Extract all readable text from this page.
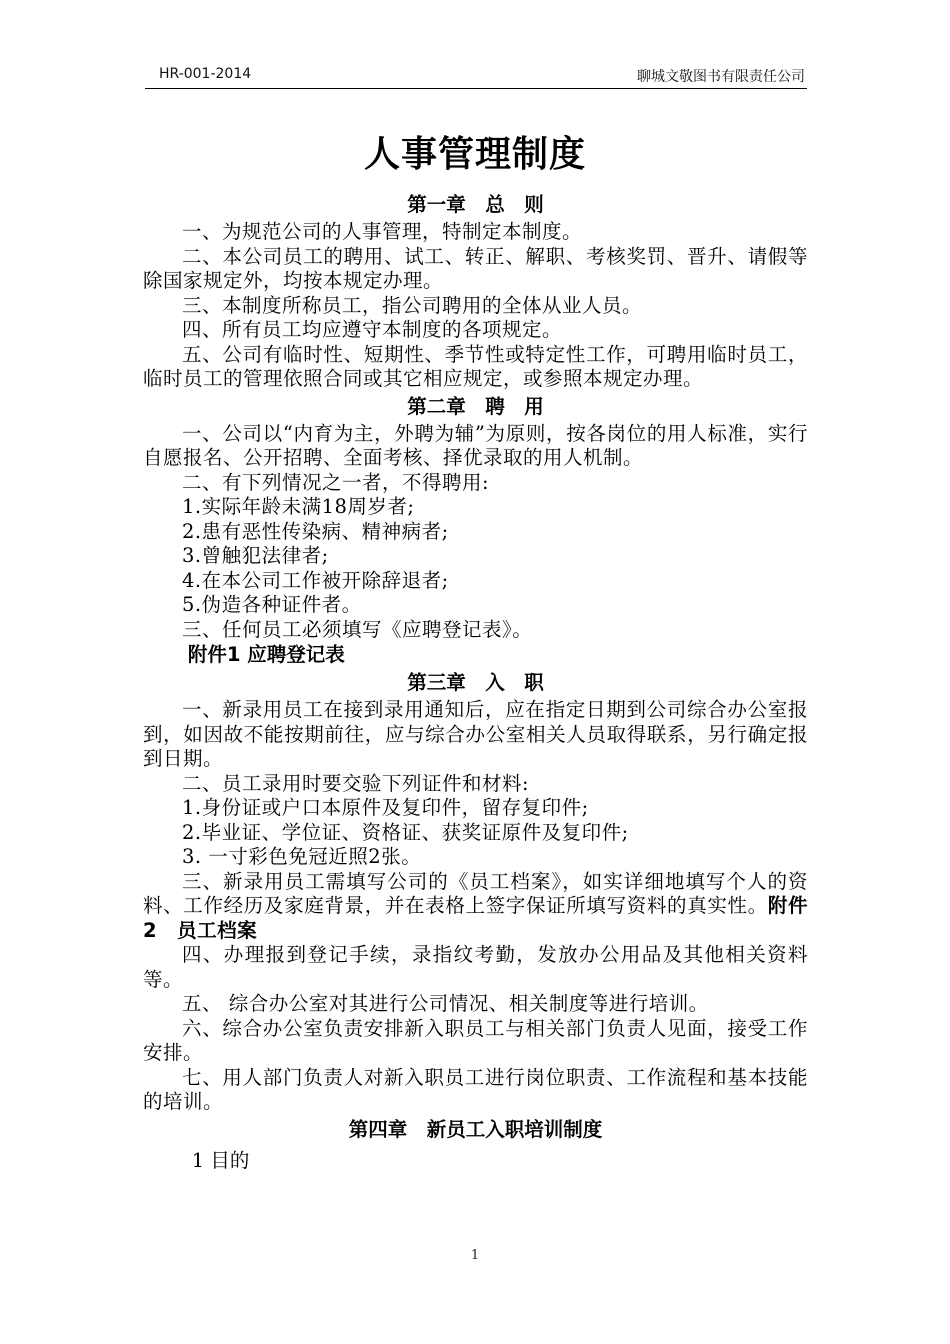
HR-001-2014	聊城文敬图书有限责任公司
人事管理制度
第一章　总　则

一、为规范公司的人事管理，特制定本制度。

二、本公司员工的聘用、试工、转正、解职、考核奖罚、晋升、请假等除国家规定外，均按本规定办理。

三、本制度所称员工，指公司聘用的全体从业人员。

四、所有员工均应遵守本制度的各项规定。

五、公司有临时性、短期性、季节性或特定性工作，可聘用临时员工，临时员工的管理依照合同或其它相应规定，或参照本规定办理。

第二章　聘　用

一、公司以“内育为主，外聘为辅”为原则，按各岗位的用人标准，实行自愿报名、公开招聘、全面考核、择优录取的用人机制。

二、有下列情况之一者，不得聘用:

1.实际年龄未满18周岁者;

2.患有恶性传染病、精神病者;

3.曾触犯法律者;

4.在本公司工作被开除辞退者;

5.伪造各种证件者。

三、任何员工必须填写《应聘登记表》。

附件1 应聘登记表

第三章　入　职

一、新录用员工在接到录用通知后，应在指定日期到公司综合办公室报到，如因故不能按期前往，应与综合办公室相关人员取得联系，另行确定报到日期。

二、员工录用时要交验下列证件和材料:

1.身份证或户口本原件及复印件，留存复印件;

2.毕业证、学位证、资格证、获奖证原件及复印件;

3. 一寸彩色免冠近照2张。

三、新录用员工需填写公司的《员工档案》，如实详细地填写个人的资料、工作经历及家庭背景，并在表格上签字保证所填写资料的真实性。附件2　员工档案

四、办理报到登记手续，录指纹考勤，发放办公用品及其他相关资料等。

五、 综合办公室对其进行公司情况、相关制度等进行培训。

六、综合办公室负责安排新入职员工与相关部门负责人见面，接受工作安排。

七、用人部门负责人对新入职员工进行岗位职责、工作流程和基本技能的培训。

第四章　新员工入职培训制度

1 目的

1
